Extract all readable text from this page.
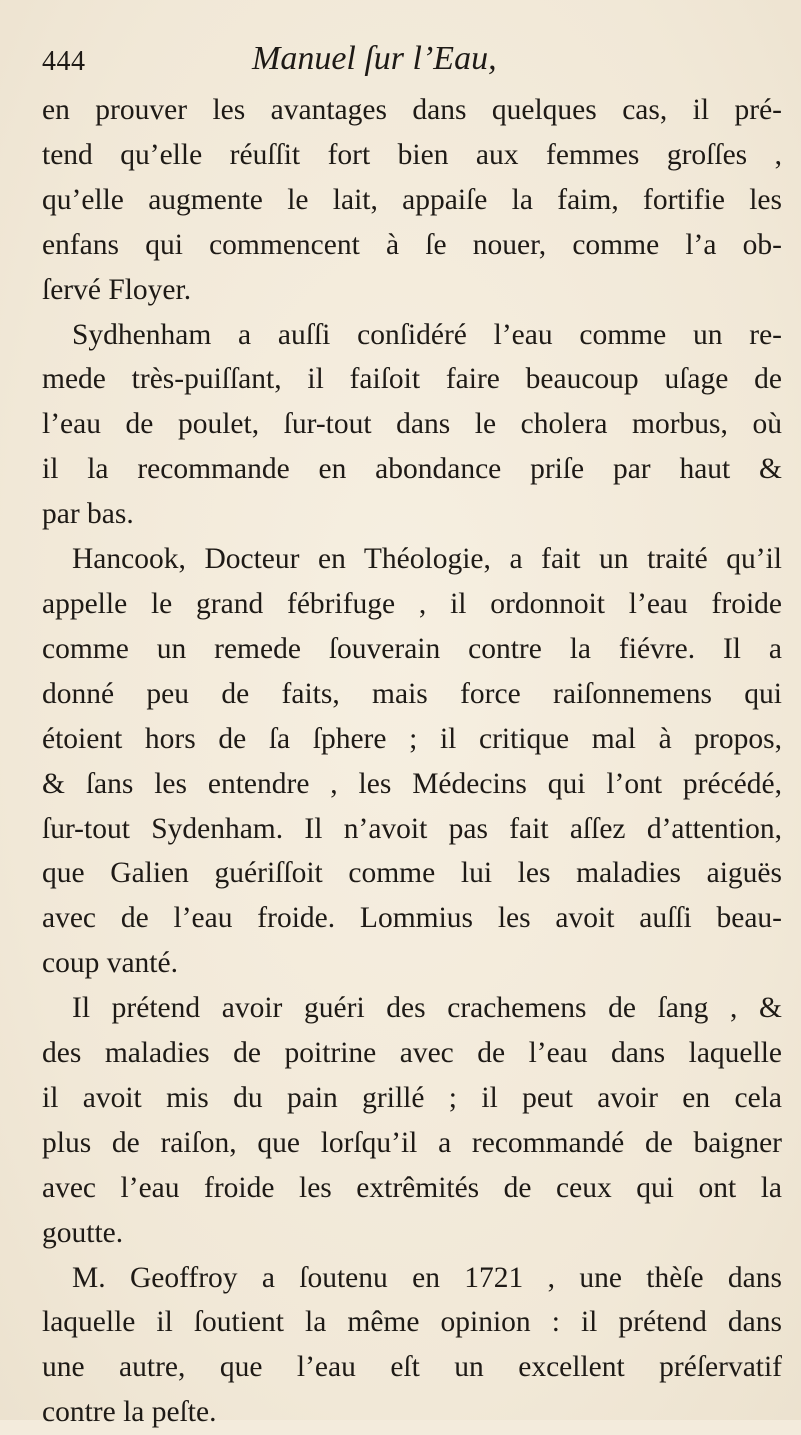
444	Manuel ſur l’Eau,
en prouver les avantages dans quelques cas, il pré-
tend qu’elle réuſſit fort bien aux femmes groſſes ,
qu’elle augmente le lait, appaiſe la faim, fortifie les
enfans qui commencent à ſe nouer, comme l’a ob-
ſervé Floyer.
Sydhenham a auſſi conſidéré l’eau comme un re-
mede très-puiſſant, il faiſoit faire beaucoup uſage de
l’eau de poulet, ſur-tout dans le cholera morbus, où
il la recommande en abondance priſe par haut &
par bas.
Hancook, Docteur en Théologie, a fait un traité qu’il
appelle le grand fébrifuge , il ordonnoit l’eau froide
comme un remede ſouverain contre la fiévre. Il a
donné peu de faits, mais force raiſonnemens qui
étoient hors de ſa ſphere ; il critique mal à propos,
& ſans les entendre , les Médecins qui l’ont précédé,
ſur-tout Sydenham. Il n’avoit pas fait aſſez d’attention,
que Galien guériſſoit comme lui les maladies aiguës
avec de l’eau froide. Lommius les avoit auſſi beau-
coup vanté.
Il prétend avoir guéri des crachemens de ſang , &
des maladies de poitrine avec de l’eau dans laquelle
il avoit mis du pain grillé ; il peut avoir en cela
plus de raiſon, que lorſqu’il a recommandé de baigner
avec l’eau froide les extrêmités de ceux qui ont la
goutte.
M. Geoffroy a ſoutenu en 1721 , une thèſe dans
laquelle il ſoutient la même opinion : il prétend dans
une autre, que l’eau eſt un excellent préſervatif
contre la peſte.
